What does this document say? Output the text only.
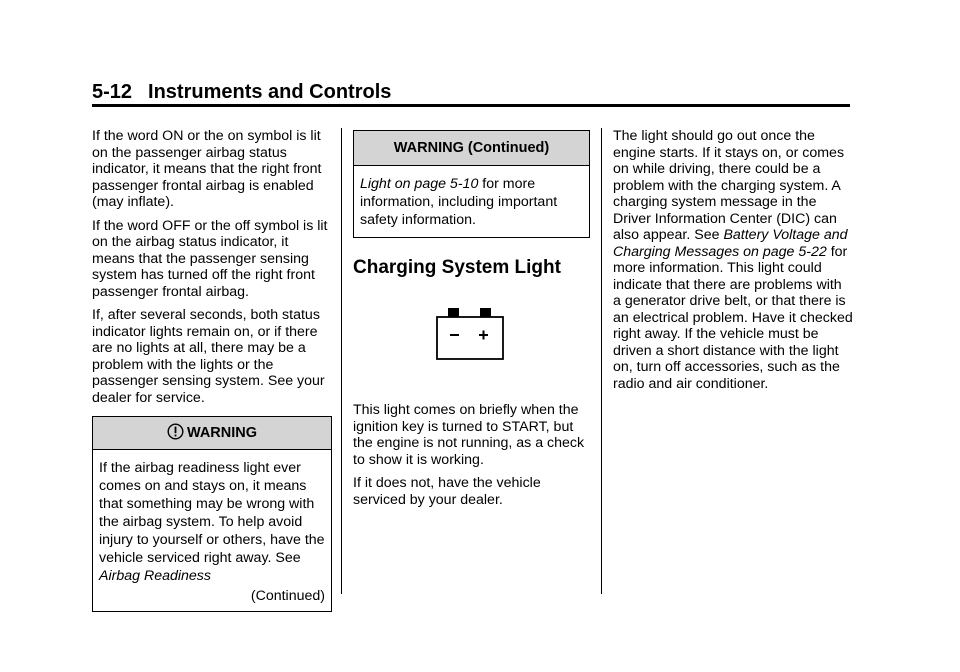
5-12 Instruments and Controls

If the word ON or the on symbol is lit on the passenger airbag status indicator, it means that the right front passenger frontal airbag is enabled (may inflate).

If the word OFF or the off symbol is lit on the airbag status indicator, it means that the passenger sensing system has turned off the right front passenger frontal airbag.

If, after several seconds, both status indicator lights remain on, or if there are no lights at all, there may be a problem with the lights or the passenger sensing system. See your dealer for service.

WARNING
If the airbag readiness light ever comes on and stays on, it means that something may be wrong with the airbag system. To help avoid injury to yourself or others, have the vehicle serviced right away. See Airbag Readiness
(Continued)
WARNING (Continued)
Light on page 5-10 for more information, including important safety information.
Charging System Light

This light comes on briefly when the ignition key is turned to START, but the engine is not running, as a check to show it is working.

If it does not, have the vehicle serviced by your dealer.

The light should go out once the engine starts. If it stays on, or comes on while driving, there could be a problem with the charging system. A charging system message in the Driver Information Center (DIC) can also appear. See Battery Voltage and Charging Messages on page 5-22 for more information. This light could indicate that there are problems with a generator drive belt, or that there is an electrical problem. Have it checked right away. If the vehicle must be driven a short distance with the light on, turn off accessories, such as the radio and air conditioner.
